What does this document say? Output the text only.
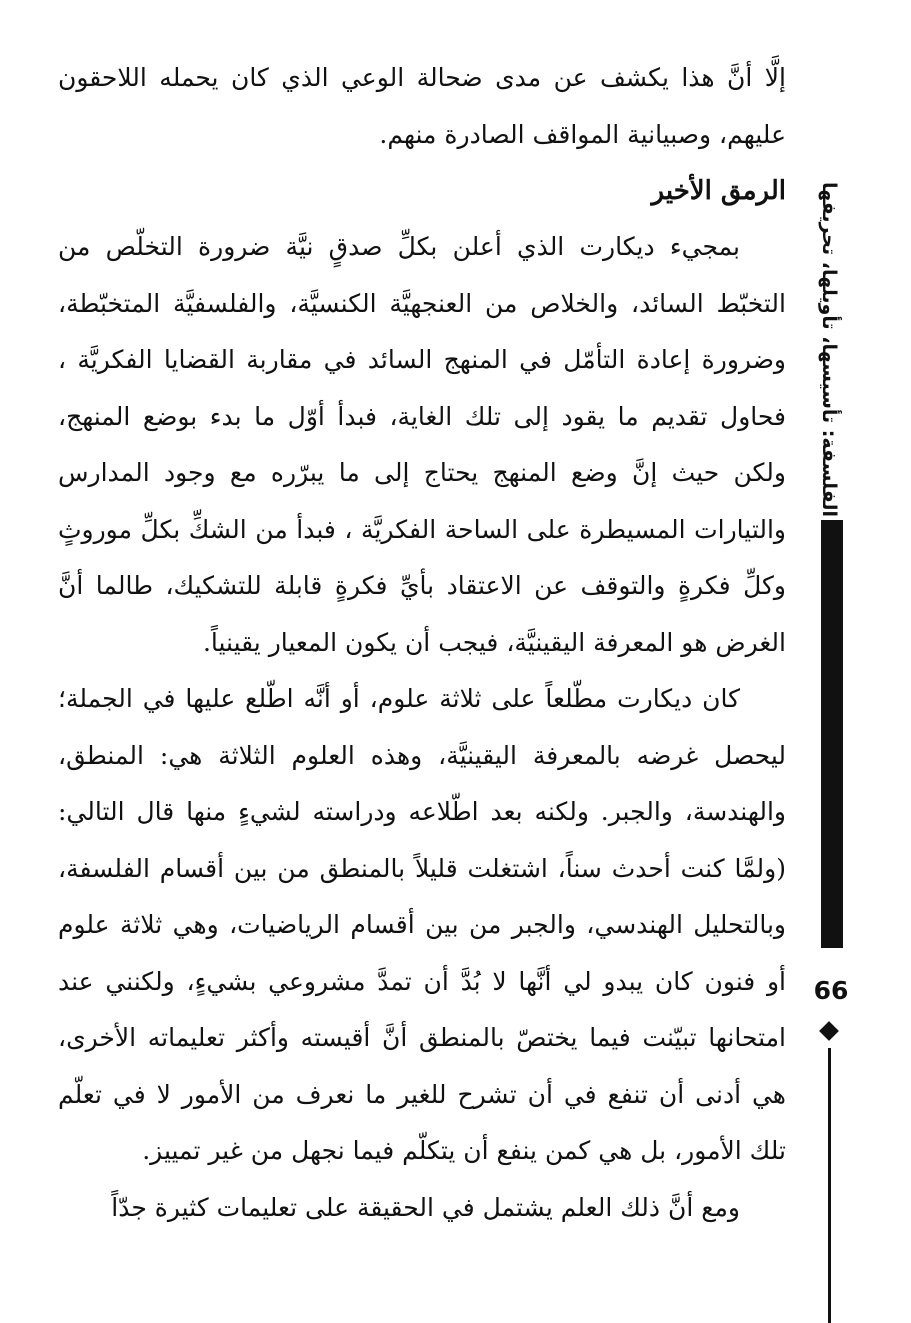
إلَّا أنَّ هذا يكشف عن مدى ضحالة الوعي الذي كان يحمله اللاحقون عليهم، وصبيانية المواقف الصادرة منهم.

الرمق الأخير

بمجيء ديكارت الذي أعلن بكلِّ صدقٍ نيَّة ضرورة التخلّص من التخبّط السائد، والخلاص من العنجهيَّة الكنسيَّة، والفلسفيَّة المتخبّطة، وضرورة إعادة التأمّل في المنهج السائد في مقاربة القضايا الفكريَّة ، فحاول تقديم ما يقود إلى تلك الغاية، فبدأ أوّل ما بدء بوضع المنهج، ولكن حيث إنَّ وضع المنهج يحتاج إلى ما يبرّره مع وجود المدارس والتيارات المسيطرة على الساحة الفكريَّة ، فبدأ من الشكِّ بكلِّ موروثٍ وكلِّ فكرةٍ والتوقف عن الاعتقاد بأيِّ فكرةٍ قابلة للتشكيك، طالما أنَّ الغرض هو المعرفة اليقينيَّة، فيجب أن يكون المعيار يقينياً.

كان ديكارت مطّلعاً على ثلاثة علوم، أو أنَّه اطّلع عليها في الجملة؛ ليحصل غرضه بالمعرفة اليقينيَّة، وهذه العلوم الثلاثة هي: المنطق، والهندسة، والجبر. ولكنه بعد اطّلاعه ودراسته لشيءٍ منها قال التالي: (ولمَّا كنت أحدث سناً، اشتغلت قليلاً بالمنطق من بين أقسام الفلسفة، وبالتحليل الهندسي، والجبر من بين أقسام الرياضيات، وهي ثلاثة علوم أو فنون كان يبدو لي أنَّها لا بُدَّ أن تمدَّ مشروعي بشيءٍ، ولكنني عند امتحانها تبيّنت فيما يختصّ بالمنطق أنَّ أقيسته وأكثر تعليماته الأخرى، هي أدنى أن تنفع في أن تشرح للغير ما نعرف من الأمور لا في تعلّم تلك الأمور، بل هي كمن ينفع أن يتكلّم فيما نجهل من غير تمييز.

ومع أنَّ ذلك العلم يشتمل في الحقيقة على تعليمات كثيرة جدّاً

الفلسفة: تأسيسها، تأويلها، تحريفها
66
